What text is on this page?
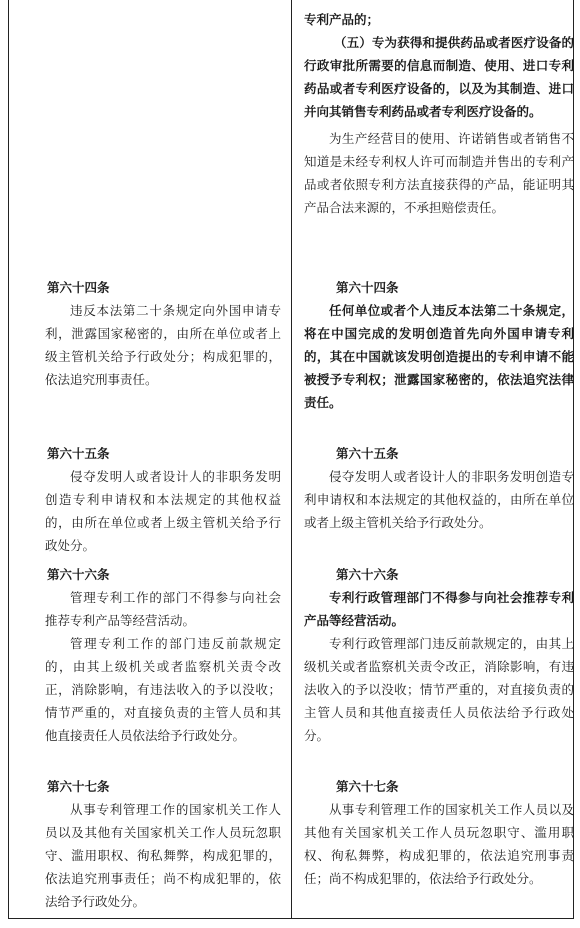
第六十四条

违反本法第二十条规定向外国申请专利，泄露国家秘密的，由所在单位或者上级主管机关给予行政处分；构成犯罪的，依法追究刑事责任。

第六十五条

侵夺发明人或者设计人的非职务发明创造专利申请权和本法规定的其他权益的，由所在单位或者上级主管机关给予行政处分。

第六十六条

管理专利工作的部门不得参与向社会推荐专利产品等经营活动。

管理专利工作的部门违反前款规定的，由其上级机关或者监察机关责令改正，消除影响，有违法收入的予以没收；情节严重的，对直接负责的主管人员和其他直接责任人员依法给予行政处分。

第六十七条

从事专利管理工作的国家机关工作人员以及其他有关国家机关工作人员玩忽职守、滥用职权、徇私舞弊，构成犯罪的，依法追究刑事责任；尚不构成犯罪的，依法给予行政处分。

专利产品的；

（五）专为获得和提供药品或者医疗设备的行政审批所需要的信息而制造、使用、进口专利药品或者专利医疗设备的，以及为其制造、进口并向其销售专利药品或者专利医疗设备的。

为生产经营目的使用、许诺销售或者销售不知道是未经专利权人许可而制造并售出的专利产品或者依照专利方法直接获得的产品，能证明其产品合法来源的，不承担赔偿责任。

第六十四条

任何单位或者个人违反本法第二十条规定，将在中国完成的发明创造首先向外国申请专利的，其在中国就该发明创造提出的专利申请不能被授予专利权；泄露国家秘密的，依法追究法律责任。

第六十五条

侵夺发明人或者设计人的非职务发明创造专利申请权和本法规定的其他权益的，由所在单位或者上级主管机关给予行政处分。

第六十六条

专利行政管理部门不得参与向社会推荐专利产品等经营活动。

专利行政管理部门违反前款规定的，由其上级机关或者监察机关责令改正，消除影响，有违法收入的予以没收；情节严重的，对直接负责的主管人员和其他直接责任人员依法给予行政处分。

第六十七条

从事专利管理工作的国家机关工作人员以及其他有关国家机关工作人员玩忽职守、滥用职权、徇私舞弊，构成犯罪的，依法追究刑事责任；尚不构成犯罪的，依法给予行政处分。
